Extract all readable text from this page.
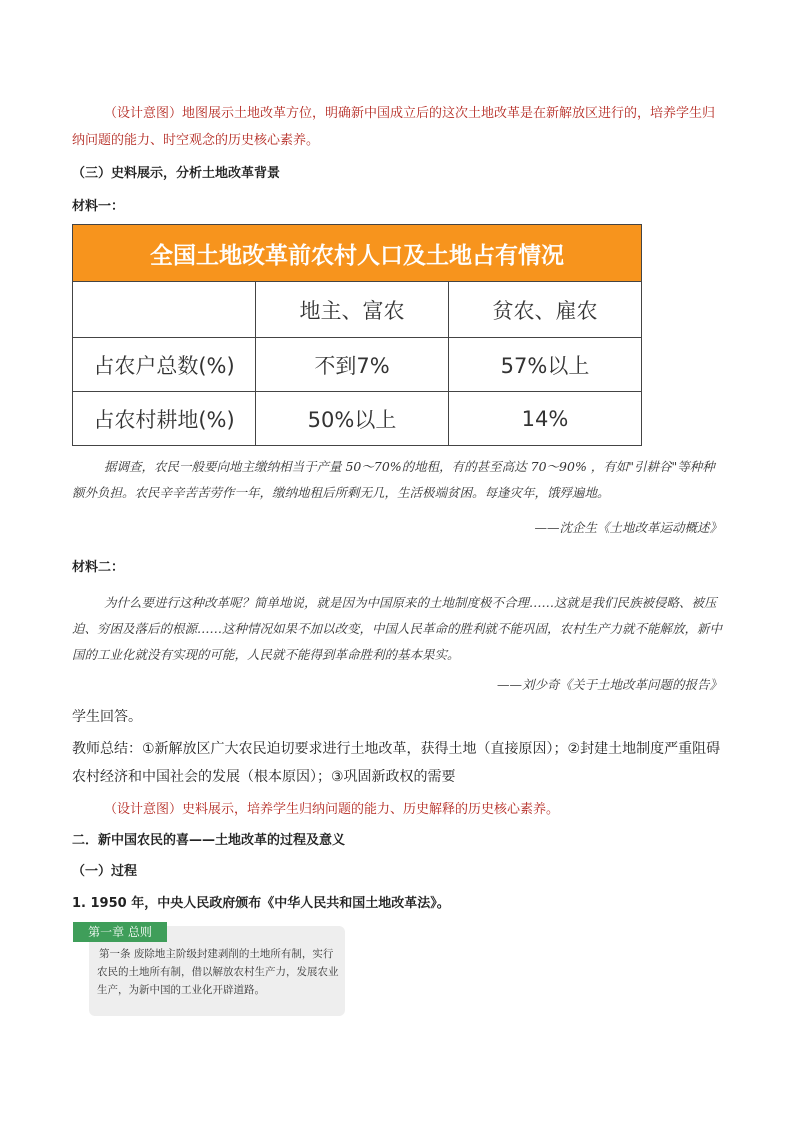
（设计意图）地图展示土地改革方位，明确新中国成立后的这次土地改革是在新解放区进行的，培养学生归纳问题的能力、时空观念的历史核心素养。
（三）史料展示，分析土地改革背景
材料一：
全国土地改革前农村人口及土地占有情况		
	地主、富农	贫农、雇农
占农户总数(%)	不到7%	57%以上
占农村耕地(%)	50%以上	14%
据调查，农民一般要向地主缴纳相当于产量 50～70%的地租，有的甚至高达 70～90% ，有如"引耕谷"等种种额外负担。农民辛辛苦苦劳作一年，缴纳地租后所剩无几，生活极端贫困。每逢灾年，饿殍遍地。
——沈企生《土地改革运动概述》
材料二：
为什么要进行这种改革呢？简单地说，就是因为中国原来的土地制度极不合理……这就是我们民族被侵略、被压迫、穷困及落后的根源……这种情况如果不加以改变，中国人民革命的胜利就不能巩固，农村生产力就不能解放，新中国的工业化就没有实现的可能，人民就不能得到革命胜利的基本果实。
——刘少奇《关于土地改革问题的报告》
学生回答。
教师总结：①新解放区广大农民迫切要求进行土地改革，获得土地（直接原因）；②封建土地制度严重阻碍农村经济和中国社会的发展（根本原因）；③巩固新政权的需要
（设计意图）史料展示，培养学生归纳问题的能力、历史解释的历史核心素养。
二．新中国农民的喜——土地改革的过程及意义
（一）过程
1. 1950 年，中央人民政府颁布《中华人民共和国土地改革法》。
第一章 总则
第一条 废除地主阶级封建剥削的土地所有制，实行农民的土地所有制，借以解放农村生产力，发展农业生产，为新中国的工业化开辟道路。
